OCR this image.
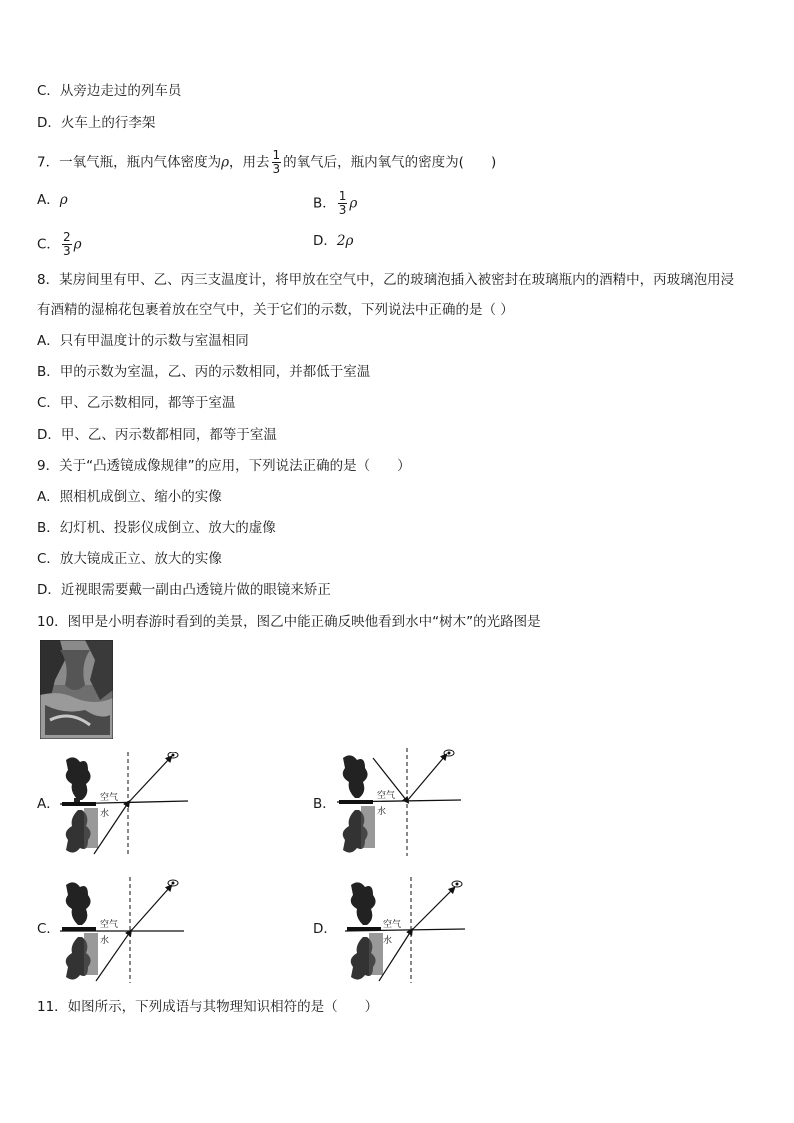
C．从旁边走过的列车员
D．火车上的行李架
7．一氧气瓶，瓶内气体密度为ρ，用去 $\frac{1}{3}$ 的氧气后，瓶内氧气的密度为(　　)
A．ρ	B． $\frac{1}{3}$ ρ
C． $\frac{2}{3}$ ρ	D．2ρ
8．某房间里有甲、乙、丙三支温度计，将甲放在空气中，乙的玻璃泡插入被密封在玻璃瓶内的酒精中，丙玻璃泡用浸
有酒精的湿棉花包裹着放在空气中，关于它们的示数，下列说法中正确的是（ ）
A．只有甲温度计的示数与室温相同
B．甲的示数为室温，乙、丙的示数相同，并都低于室温
C．甲、乙示数相同，都等于室温
D．甲、乙、丙示数都相同，都等于室温
9．关于“凸透镜成像规律”的应用，下列说法正确的是（　　）
A．照相机成倒立、缩小的实像
B．幻灯机、投影仪成倒立、放大的虚像
C．放大镜成正立、放大的实像
D．近视眼需要戴一副由凸透镜片做的眼镜来矫正
10．图甲是小明春游时看到的美景，图乙中能正确反映他看到水中“树木”的光路图是
A．	B．
C．	D．
空气
水
空气
水
空气
水
空气
水
11．如图所示，下列成语与其物理知识相符的是（　　）
